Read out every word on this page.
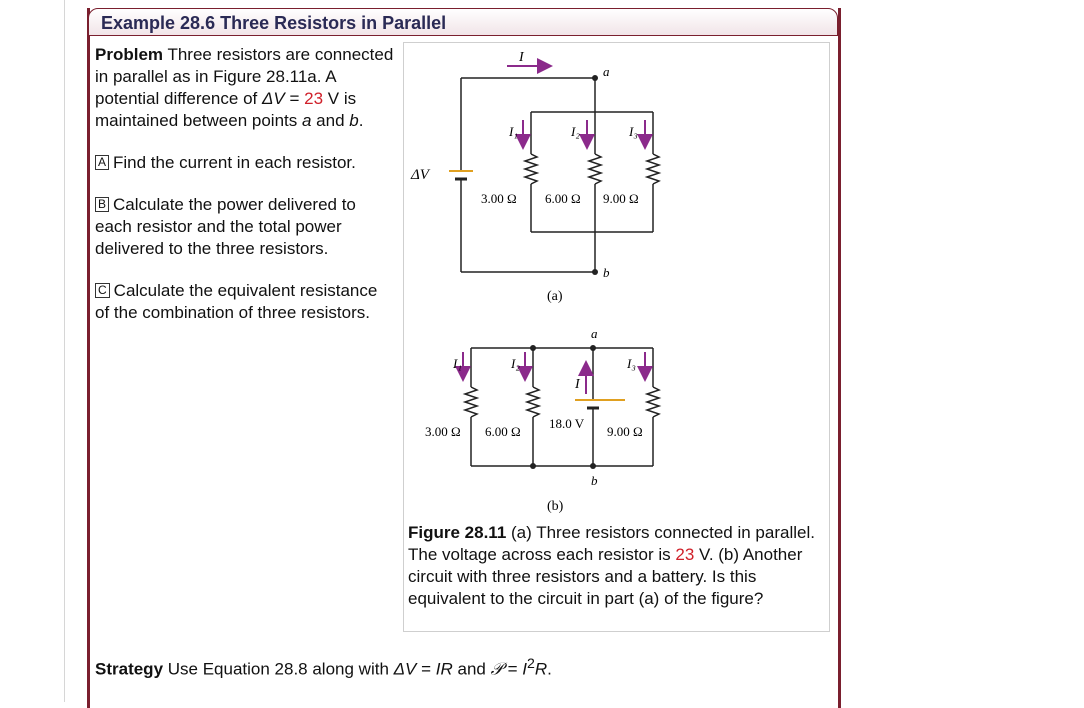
Example 28.6 Three Resistors in Parallel

Problem Three resistors are connected in parallel as in Figure 28.11a. A potential difference of ΔV = 23 V is maintained between points a and b.

A Find the current in each resistor.

B Calculate the power delivered to each resistor and the total power delivered to the three resistors.

C Calculate the equivalent resistance of the combination of three resistors.

I
a
b
ΔV
I₁	I₂	I₃
3.00 Ω 6.00 Ω 9.00 Ω
(a)
a
b
I
I₁	I₂	I₃
3.00 Ω 6.00 Ω
18.0 V
9.00 Ω
(b)
Figure 28.11 (a) Three resistors connected in parallel. The voltage across each resistor is 23 V. (b) Another circuit with three resistors and a battery. Is this equivalent to the circuit in part (a) of the figure?
Strategy Use Equation 28.8 along with ΔV = IR and 𝒫 = $I^2R$.
